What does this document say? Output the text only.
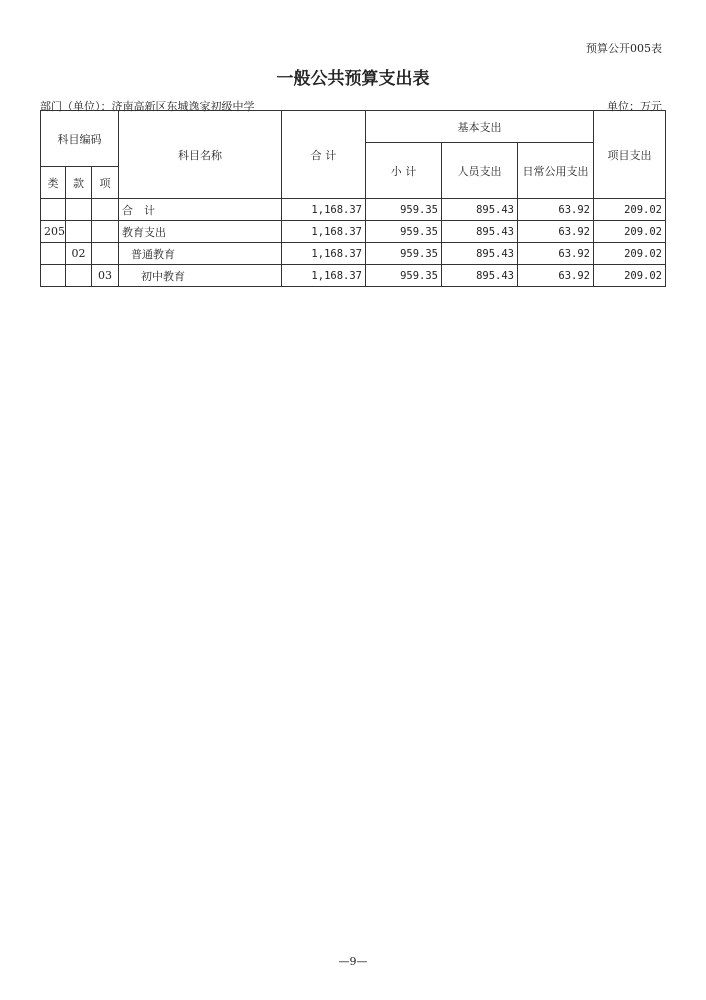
预算公开005表
一般公共预算支出表
部门（单位）：济南高新区东城逸家初级中学	单位：万元
科目编码			科目名称	合 计	基本支出			项目支出
					小 计	人员支出	日常公用支出	
类	款	项						
			合　计	1,168.37	959.35	895.43	63.92	209.02
205			教育支出	1,168.37	959.35	895.43	63.92	209.02
	02		普通教育	1,168.37	959.35	895.43	63.92	209.02
		03	初中教育	1,168.37	959.35	895.43	63.92	209.02
—9—
